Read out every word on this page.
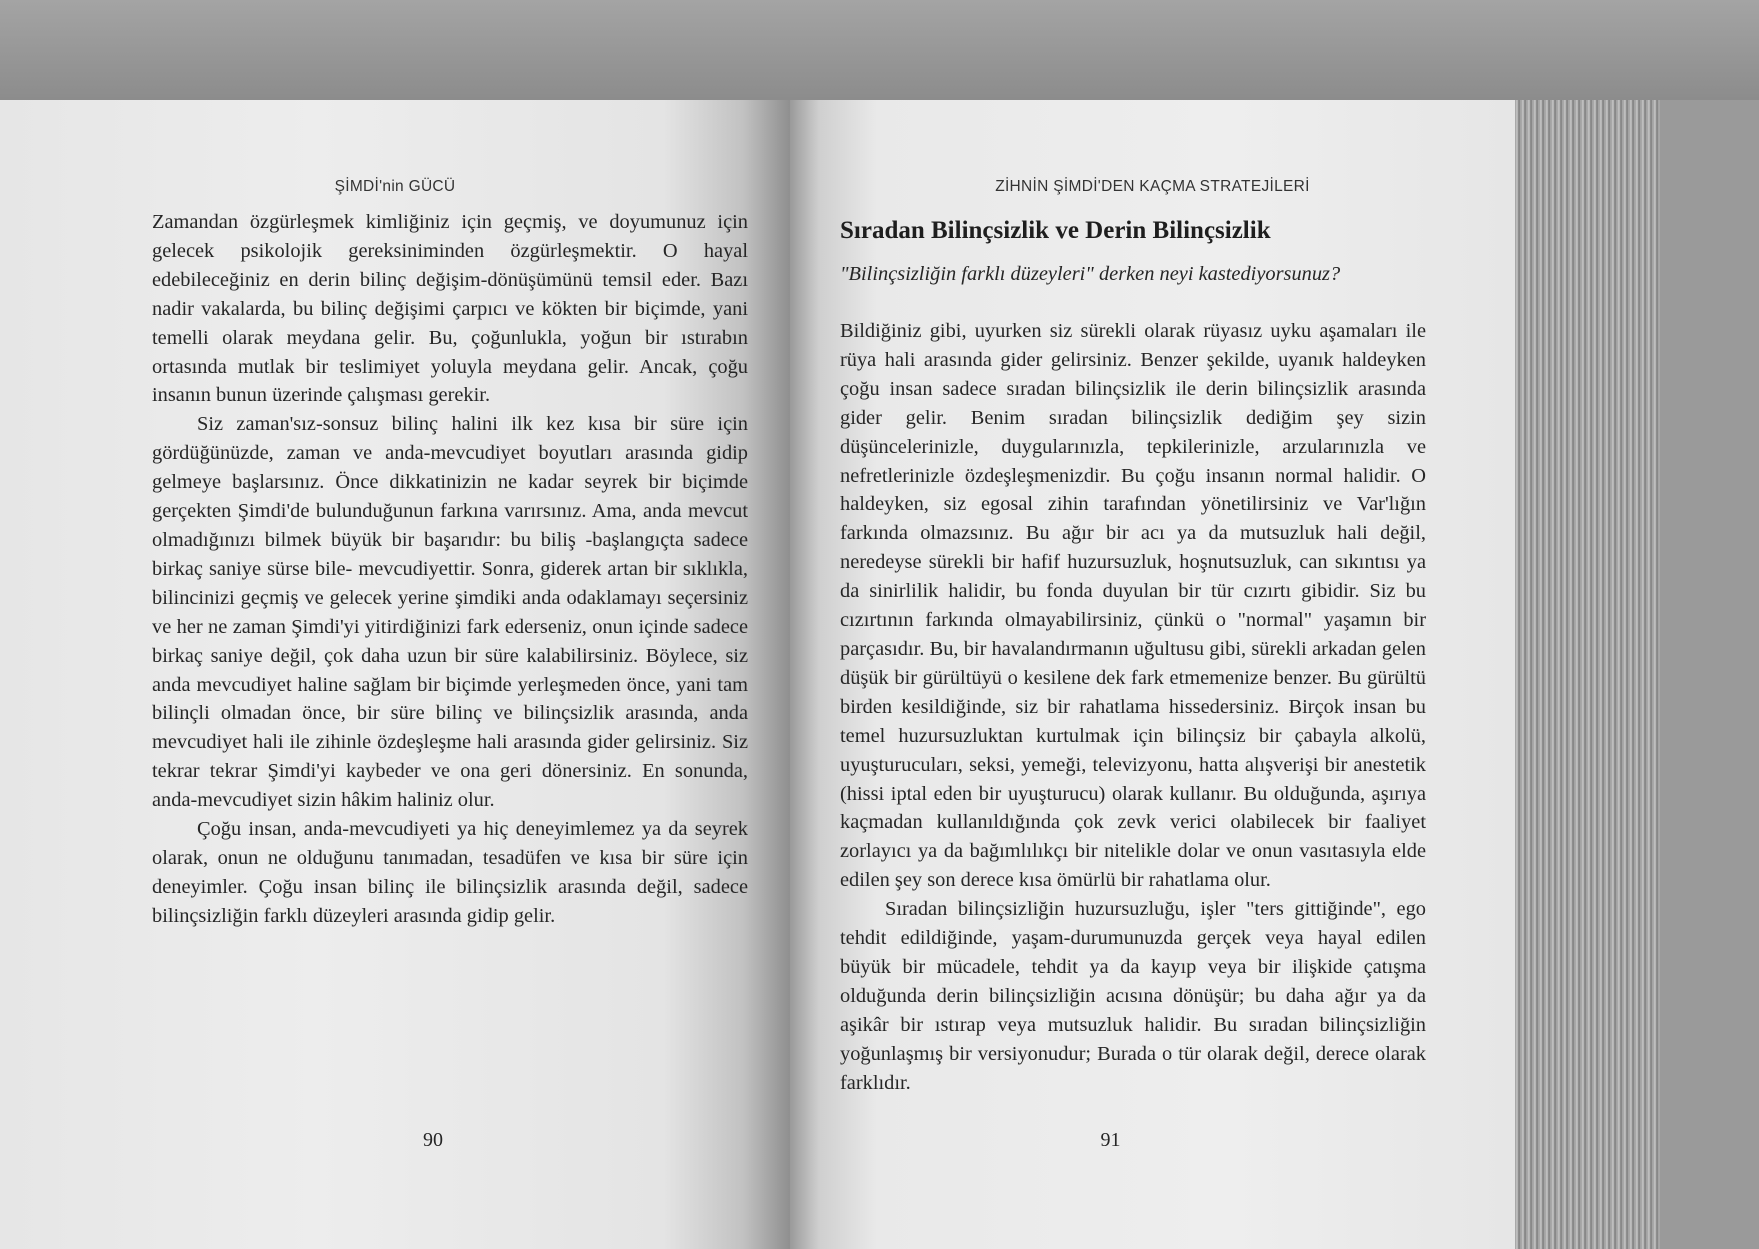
ŞİMDİ'nin GÜCÜ

Zamandan özgürleşmek kimliğiniz için geçmiş, ve doyumunuz için gelecek psikolojik gereksiniminden özgürleşmektir. O hayal edebileceğiniz en derin bilinç değişim-dönüşümünü temsil eder. Bazı nadir vakalarda, bu bilinç değişimi çarpıcı ve kökten bir biçimde, yani temelli olarak meydana gelir. Bu, çoğunlukla, yoğun bir ıstırabın ortasında mutlak bir teslimiyet yoluyla meydana gelir. Ancak, çoğu insanın bunun üzerinde çalışması gerekir.

Siz zaman'sız-sonsuz bilinç halini ilk kez kısa bir süre için gördüğünüzde, zaman ve anda-mevcudiyet boyutları arasında gidip gelmeye başlarsınız. Önce dikkatinizin ne kadar seyrek bir biçimde gerçekten Şimdi'de bulunduğunun farkına varırsınız. Ama, anda mevcut olmadığınızı bilmek büyük bir başarıdır: bu biliş -başlangıçta sadece birkaç saniye sürse bile- mevcudiyettir. Sonra, giderek artan bir sıklıkla, bilincinizi geçmiş ve gelecek yerine şimdiki anda odaklamayı seçersiniz ve her ne zaman Şimdi'yi yitirdiğinizi fark ederseniz, onun içinde sadece birkaç saniye değil, çok daha uzun bir süre kalabilirsiniz. Böylece, siz anda mevcudiyet haline sağlam bir biçimde yerleşmeden önce, yani tam bilinçli olmadan önce, bir süre bilinç ve bilinçsizlik arasında, anda mevcudiyet hali ile zihinle özdeşleşme hali arasında gider gelirsiniz. Siz tekrar tekrar Şimdi'yi kaybeder ve ona geri dönersiniz. En sonunda, anda-mevcudiyet sizin hâkim haliniz olur.

Çoğu insan, anda-mevcudiyeti ya hiç deneyimlemez ya da seyrek olarak, onun ne olduğunu tanımadan, tesadüfen ve kısa bir süre için deneyimler. Çoğu insan bilinç ile bilinçsizlik arasında değil, sadece bilinçsizliğin farklı düzeyleri arasında gidip gelir.

90
ZİHNİN ŞİMDİ'DEN KAÇMA STRATEJİLERİ
Sıradan Bilinçsizlik ve Derin Bilinçsizlik
"Bilinçsizliğin farklı düzeyleri" derken neyi kastediyorsunuz?

Bildiğiniz gibi, uyurken siz sürekli olarak rüyasız uyku aşamaları ile rüya hali arasında gider gelirsiniz. Benzer şekilde, uyanık haldeyken çoğu insan sadece sıradan bilinçsizlik ile derin bilinçsizlik arasında gider gelir. Benim sıradan bilinçsizlik dediğim şey sizin düşüncelerinizle, duygularınızla, tepkilerinizle, arzularınızla ve nefretlerinizle özdeşleşmenizdir. Bu çoğu insanın normal halidir. O haldeyken, siz egosal zihin tarafından yönetilirsiniz ve Var'lığın farkında olmazsınız. Bu ağır bir acı ya da mutsuzluk hali değil, neredeyse sürekli bir hafif huzursuzluk, hoşnutsuzluk, can sıkıntısı ya da sinirlilik halidir, bu fonda duyulan bir tür cızırtı gibidir. Siz bu cızırtının farkında olmayabilirsiniz, çünkü o "normal" yaşamın bir parçasıdır. Bu, bir havalandırmanın uğultusu gibi, sürekli arkadan gelen düşük bir gürültüyü o kesilene dek fark etmemenize benzer. Bu gürültü birden kesildiğinde, siz bir rahatlama hissedersiniz. Birçok insan bu temel huzursuzluktan kurtulmak için bilinçsiz bir çabayla alkolü, uyuşturucuları, seksi, yemeği, televizyonu, hatta alışverişi bir anestetik (hissi iptal eden bir uyuşturucu) olarak kullanır. Bu olduğunda, aşırıya kaçmadan kullanıldığında çok zevk verici olabilecek bir faaliyet zorlayıcı ya da bağımlılıkçı bir nitelikle dolar ve onun vasıtasıyla elde edilen şey son derece kısa ömürlü bir rahatlama olur.

Sıradan bilinçsizliğin huzursuzluğu, işler "ters gittiğinde", ego tehdit edildiğinde, yaşam-durumunuzda gerçek veya hayal edilen büyük bir mücadele, tehdit ya da kayıp veya bir ilişkide çatışma olduğunda derin bilinçsizliğin acısına dönüşür; bu daha ağır ya da aşikâr bir ıstırap veya mutsuzluk halidir. Bu sıradan bilinçsizliğin yoğunlaşmış bir versiyonudur; Burada o tür olarak değil, derece olarak farklıdır.

91
